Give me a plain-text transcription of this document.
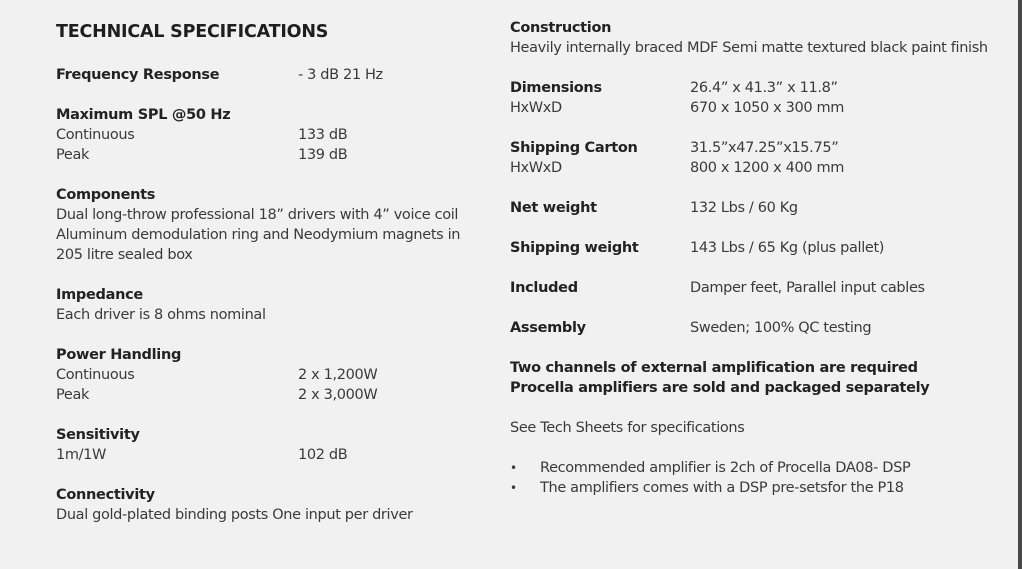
TECHNICAL SPECIFICATIONS
Frequency Response	- 3 dB 21 Hz
Maximum SPL @50 Hz
Continuous	133 dB
Peak	139 dB
Components
Dual long-throw professional 18” drivers with 4” voice coil
Aluminum demodulation ring and Neodymium magnets in
205 litre sealed box
Impedance
Each driver is 8 ohms nominal
Power Handling
Continuous	2 x 1,200W
Peak	2 x 3,000W
Sensitivity
1m/1W	102 dB
Connectivity
Dual gold-plated binding posts One input per driver
Construction
Heavily internally braced MDF Semi matte textured black paint finish
Dimensions	26.4” x 41.3” x 11.8”
HxWxD	670 x 1050 x 300 mm
Shipping Carton	31.5”x47.25”x15.75”
HxWxD	800 x 1200 x 400 mm
Net weight	132 Lbs / 60 Kg
Shipping weight	143 Lbs / 65 Kg (plus pallet)
Included	Damper feet, Parallel input cables
Assembly	Sweden; 100% QC testing
Two channels of external amplification are required
Procella amplifiers are sold and packaged separately
See Tech Sheets for specifications
•	Recommended amplifier is 2ch of Procella DA08- DSP
•	The amplifiers comes with a DSP pre-setsfor the P18
